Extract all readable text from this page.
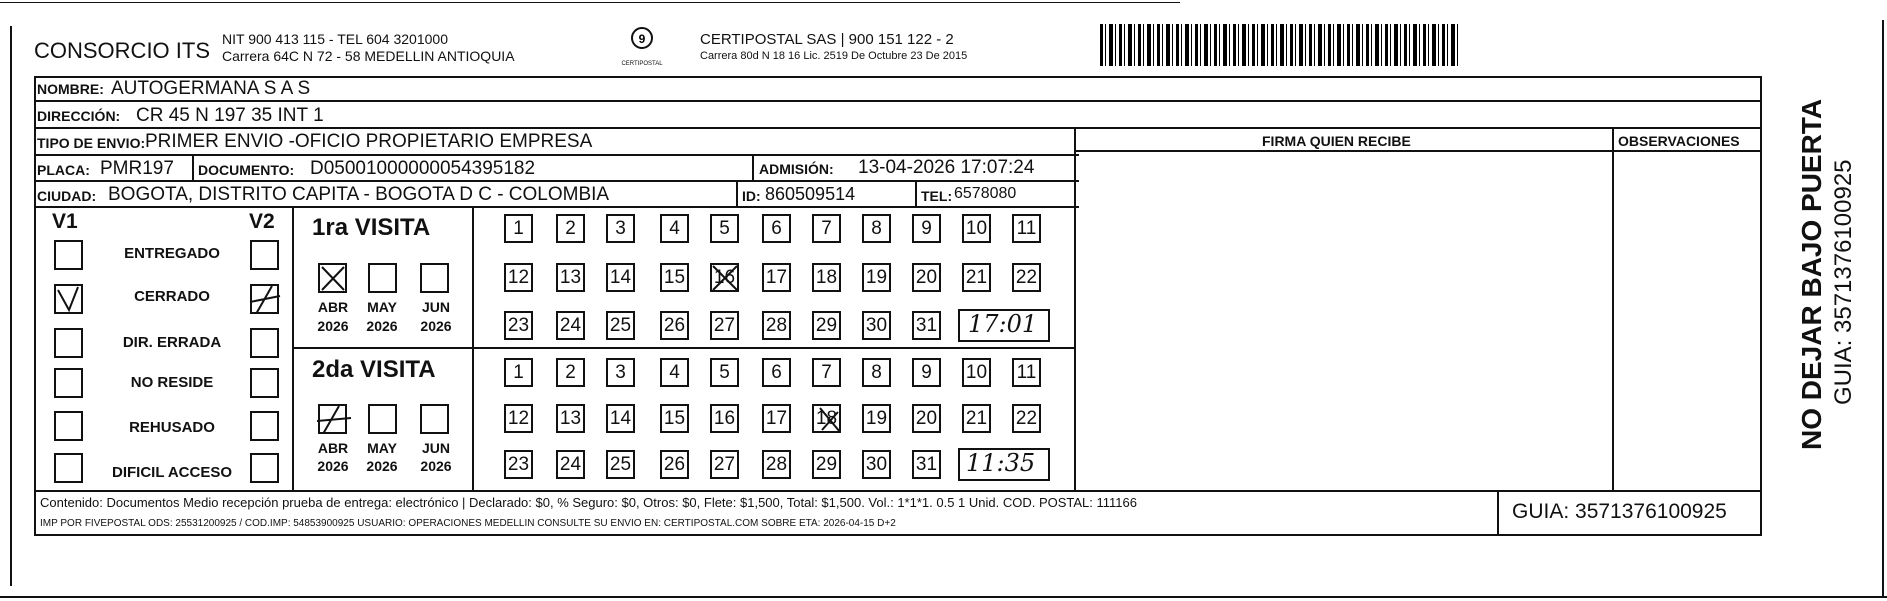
CONSORCIO ITS NIT 900 413 115 - TEL 604 3201000
Carrera 64C N 72 - 58 MEDELLIN ANTIOQUIA
9
CERTIPOSTAL
CERTIPOSTAL SAS | 900 151 122 - 2
Carrera 80d N 18 16 Lic. 2519 De Octubre 23 De 2015
NOMBRE: AUTOGERMANA S A S
DIRECCIÓN: CR 45 N 197 35 INT 1
TIPO DE ENVIO: PRIMER ENVIO -OFICIO PROPIETARIO EMPRESA	FIRMA QUIEN RECIBE	OBSERVACIONES
PLACA: PMR197 DOCUMENTO: D05001000000054395182	ADMISIÓN: 13-04-2026 17:07:24
CIUDAD: BOGOTA, DISTRITO CAPITA - BOGOTA D C - COLOMBIA	ID: 860509514	TEL: 6578080
V1	V2
ENTREGADO
CERRADO
DIR. ERRADA
NO RESIDE
REHUSADO
DIFICIL ACCESO
1ra VISITA
2da VISITA
ABR	MAY	JUN
2026	2026	2026
ABR	MAY	JUN
2026	2026	2026
1	2	3	4	5	6	7	8	9	10 11
12 13 14 15 16 17 18 19 20 21 22
23 24 25 26 27 28 29 30 31 17:01
1	2	3	4	5	6	7	8	9	10 11
12 13 14 15 16 17 18 19 20 21 22
23 24 25 26 27 28 29 30 31 11:35
Contenido: Documentos Medio recepción prueba de entrega: electrónico | Declarado: $0, % Seguro: $0, Otros: $0, Flete: $1,500, Total: $1,500. Vol.: 1*1*1. 0.5 1 Unid. COD. POSTAL: 111166
IMP POR FIVEPOSTAL ODS: 25531200925 / COD.IMP: 54853900925 USUARIO: OPERACIONES MEDELLIN CONSULTE SU ENVIO EN: CERTIPOSTAL.COM SOBRE ETA: 2026-04-15 D+2
GUIA: 3571376100925
NO DEJAR BAJO PUERTA GUIA: 3571376100925
